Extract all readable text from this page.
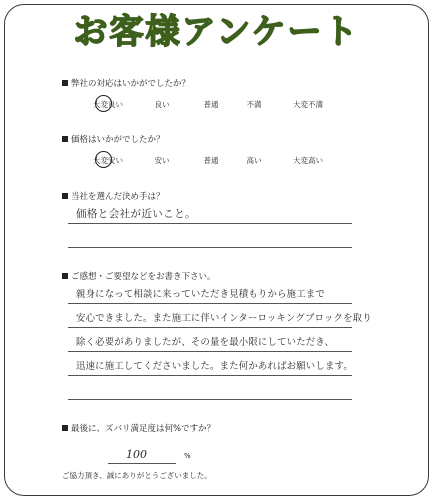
お客様アンケート
弊社の対応はいかがでしたか？
大変良い	良い	普通	不満	大変不満
価格はいかがでしたか？
大変安い	安い	普通	高い	大変高い
当社を選んだ決め手は？
価格と会社が近いこと。
ご感想・ご要望などをお書き下さい。
親身になって相談に来っていただき見積もりから施工まで
安心できました。また施工に伴いインターロッキングブロックを取り
除く必要がありましたが、その量を最小限にしていただき、
迅速に施工してくださいました。また何かあればお願いします。
最後に、ズバリ満足度は何%ですか？
100	%
ご協力頂き、誠にありがとうございました。
